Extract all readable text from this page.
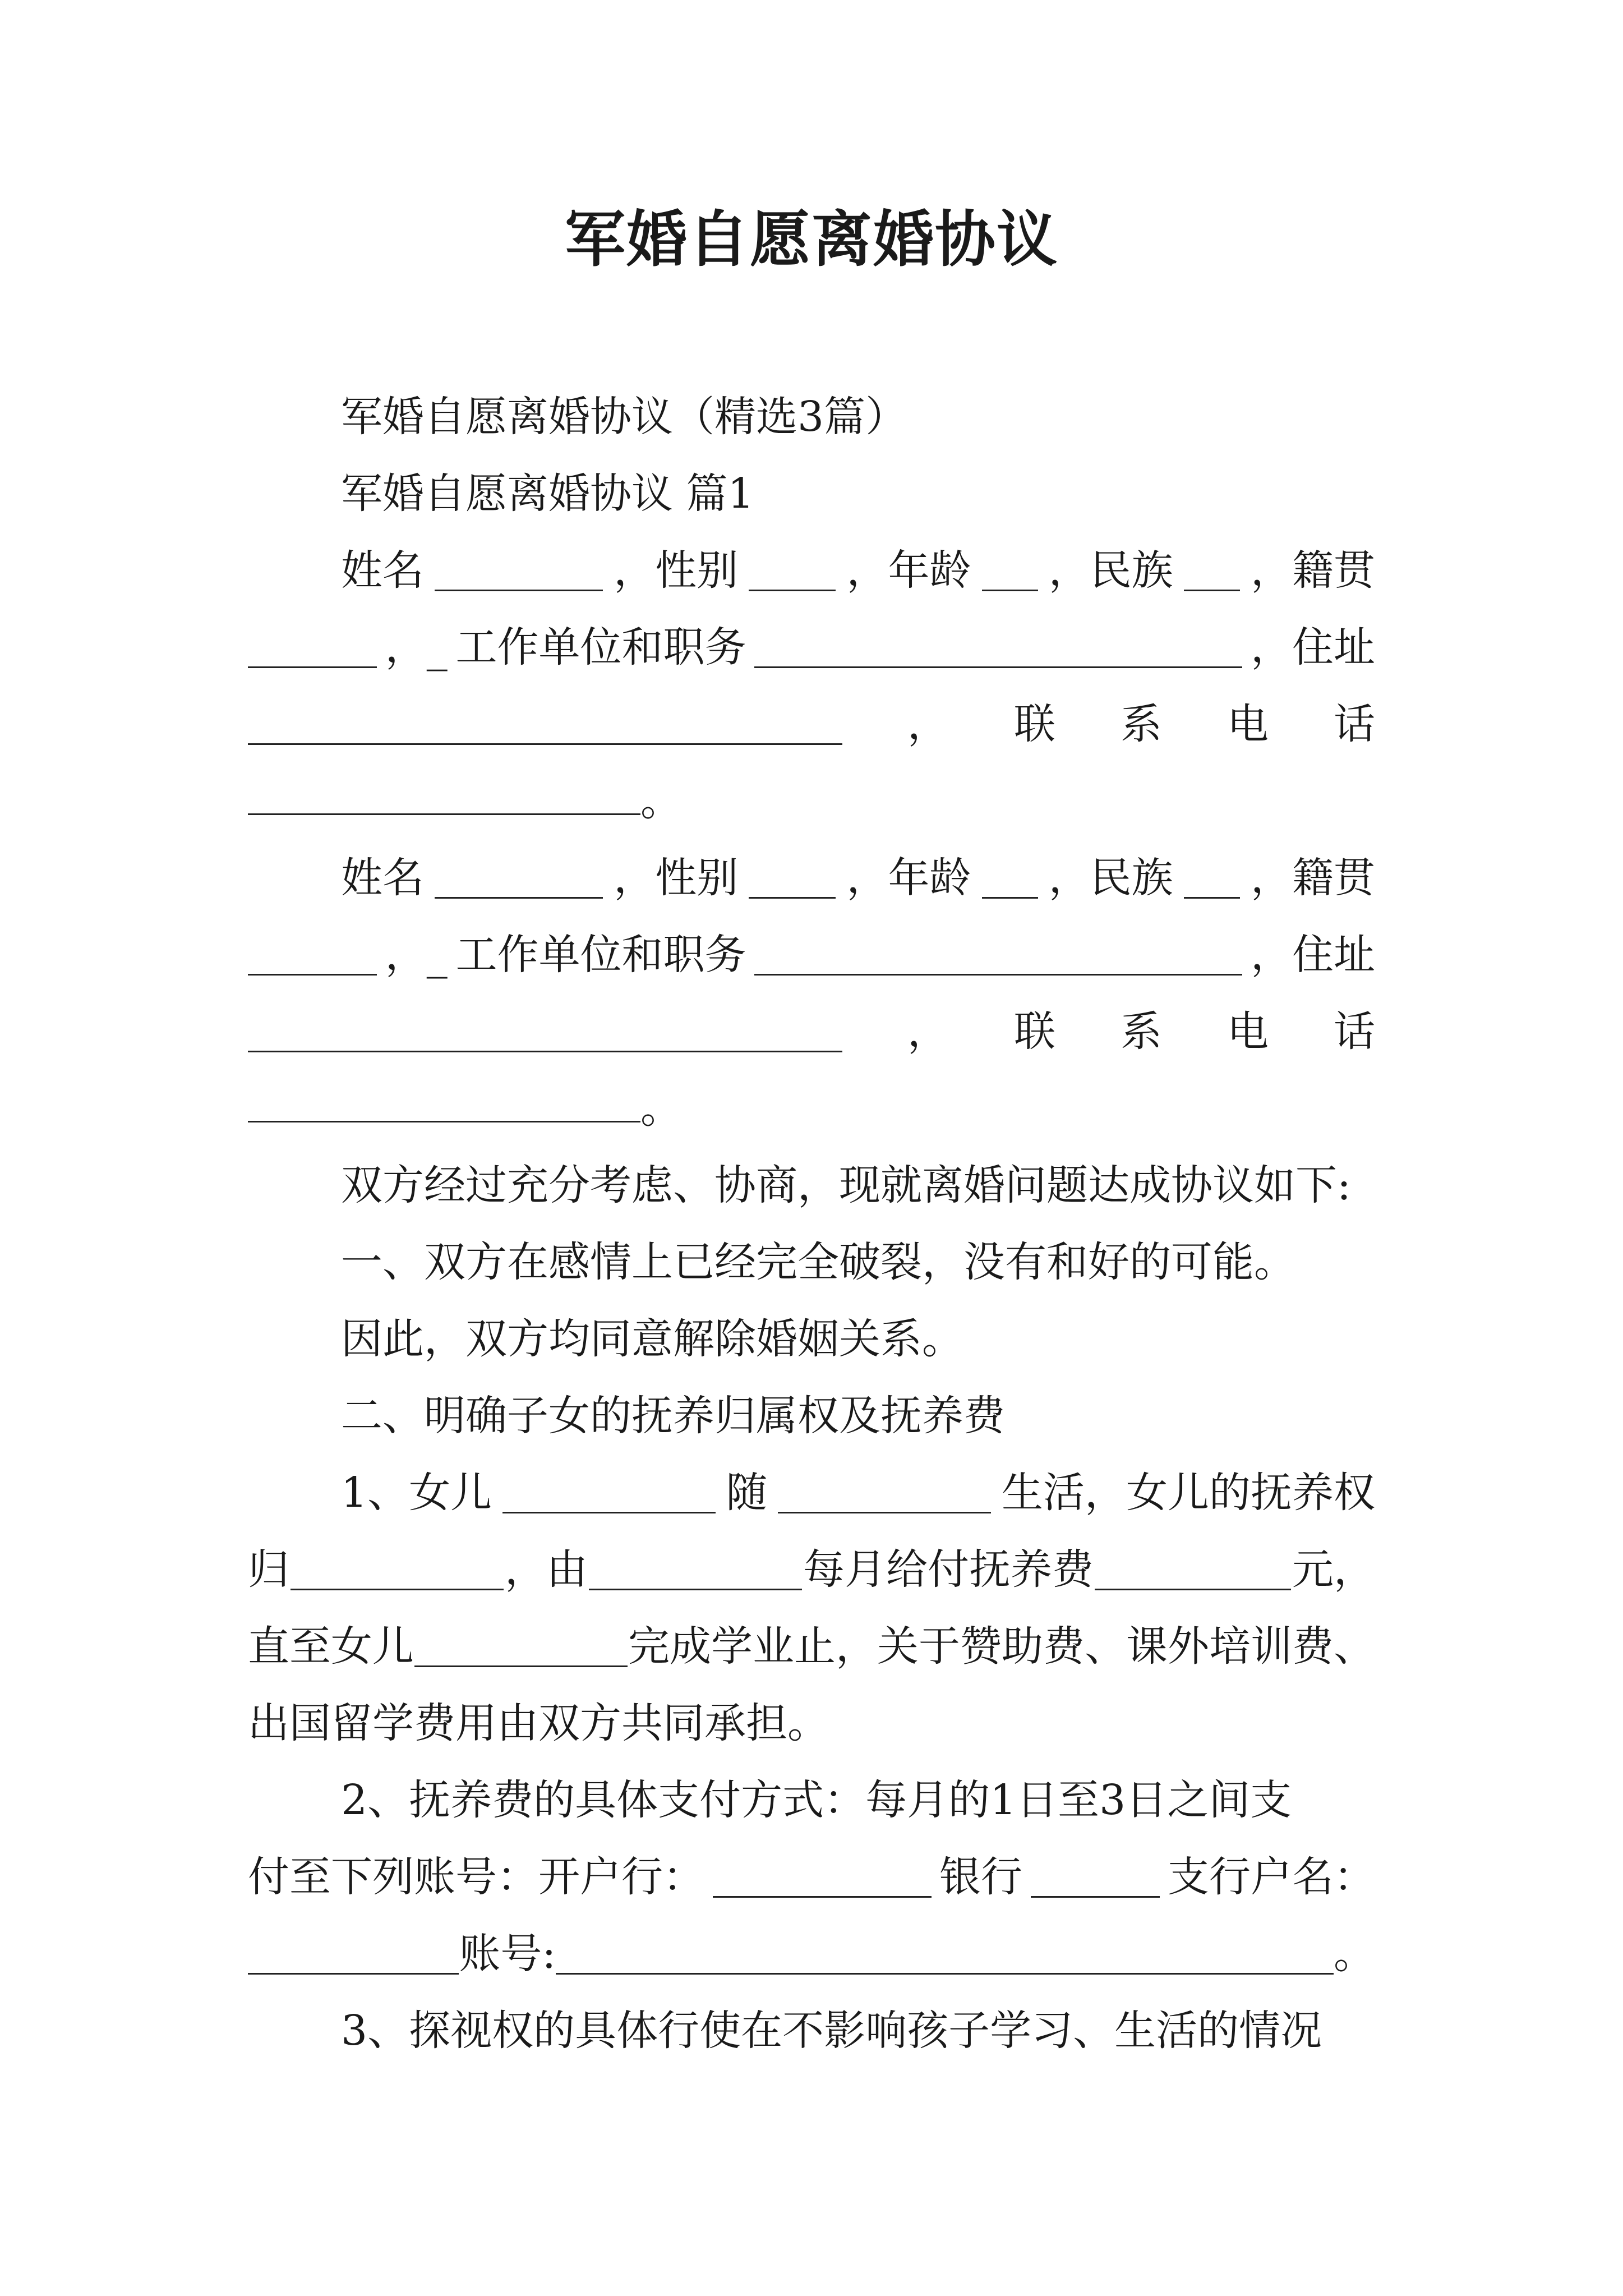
军婚自愿离婚协议
军婚自愿离婚协议（精选3篇）
军婚自愿离婚协议 篇1
姓名	，性别	，年龄 ，民族 ，籍贯
，_ 工作单位和职务	，住址
， 联 系 电 话
。
姓名	，性别	，年龄 ，民族 ，籍贯
，_ 工作单位和职务	，住址
， 联 系 电 话
。
双方经过充分考虑、协商，现就离婚问题达成协议如下:
一、双方在感情上已经完全破裂，没有和好的可能。
因此，双方均同意解除婚姻关系。
二、明确子女的抚养归属权及抚养费
1、女儿	随	生活，女儿的抚养权
归	，由	每月给付抚养费	元，
直至女儿	完成学业止，关于赞助费、课外培训费、
出国留学费用由双方共同承担。
2、抚养费的具体支付方式：每月的1日至3日之间支
付至下列账号：开户行：	银行	支行户名：
账号:	。
3、探视权的具体行使在不影响孩子学习、生活的情况
